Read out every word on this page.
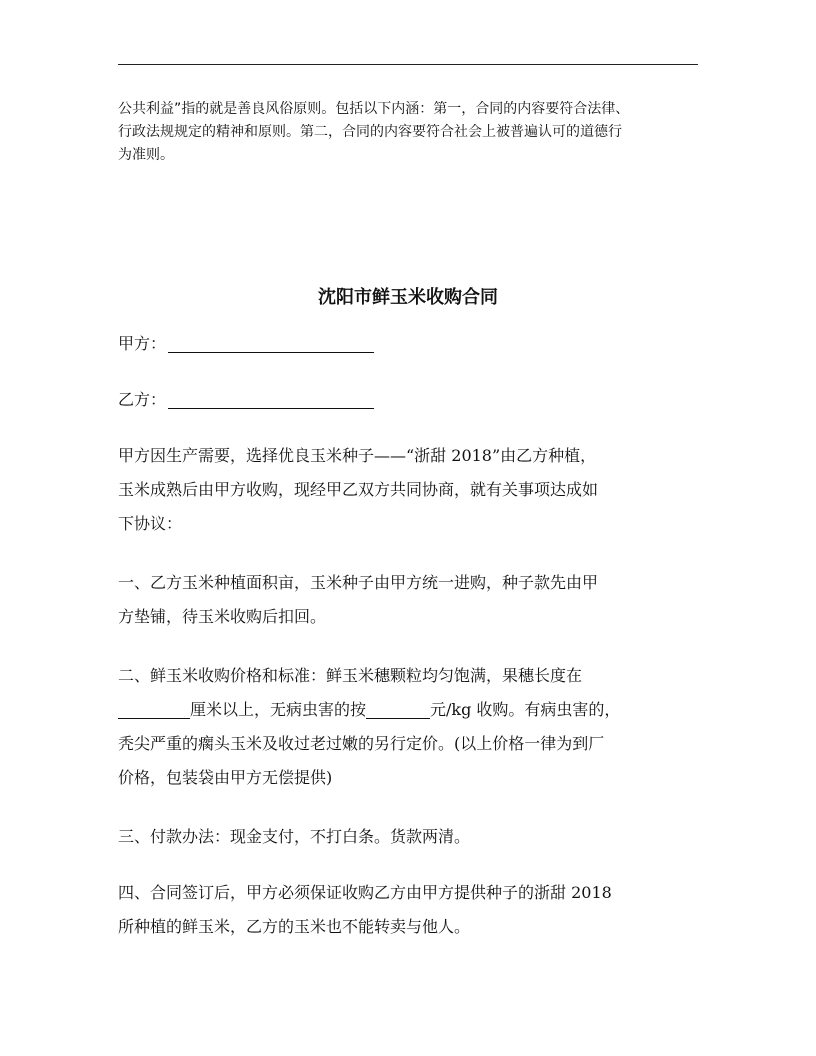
公共利益”指的就是善良风俗原则。包括以下内涵：第一，合同的内容要符合法律、

行政法规规定的精神和原则。第二，合同的内容要符合社会上被普遍认可的道德行

为准则。

沈阳市鲜玉米收购合同

甲方：

乙方：

甲方因生产需要，选择优良玉米种子——“浙甜 2018”由乙方种植，

玉米成熟后由甲方收购，现经甲乙双方共同协商，就有关事项达成如

下协议：

一、乙方玉米种植面积亩，玉米种子由甲方统一进购，种子款先由甲

方垫铺，待玉米收购后扣回。

二、鲜玉米收购价格和标准：鲜玉米穗颗粒均匀饱满，果穗长度在

厘米以上，无病虫害的按	元/kg 收购。有病虫害的，

秃尖严重的瘸头玉米及收过老过嫩的另行定价。(以上价格一律为到厂

价格，包装袋由甲方无偿提供)

三、付款办法：现金支付，不打白条。货款两清。

四、合同签订后，甲方必须保证收购乙方由甲方提供种子的浙甜 2018

所种植的鲜玉米，乙方的玉米也不能转卖与他人。
